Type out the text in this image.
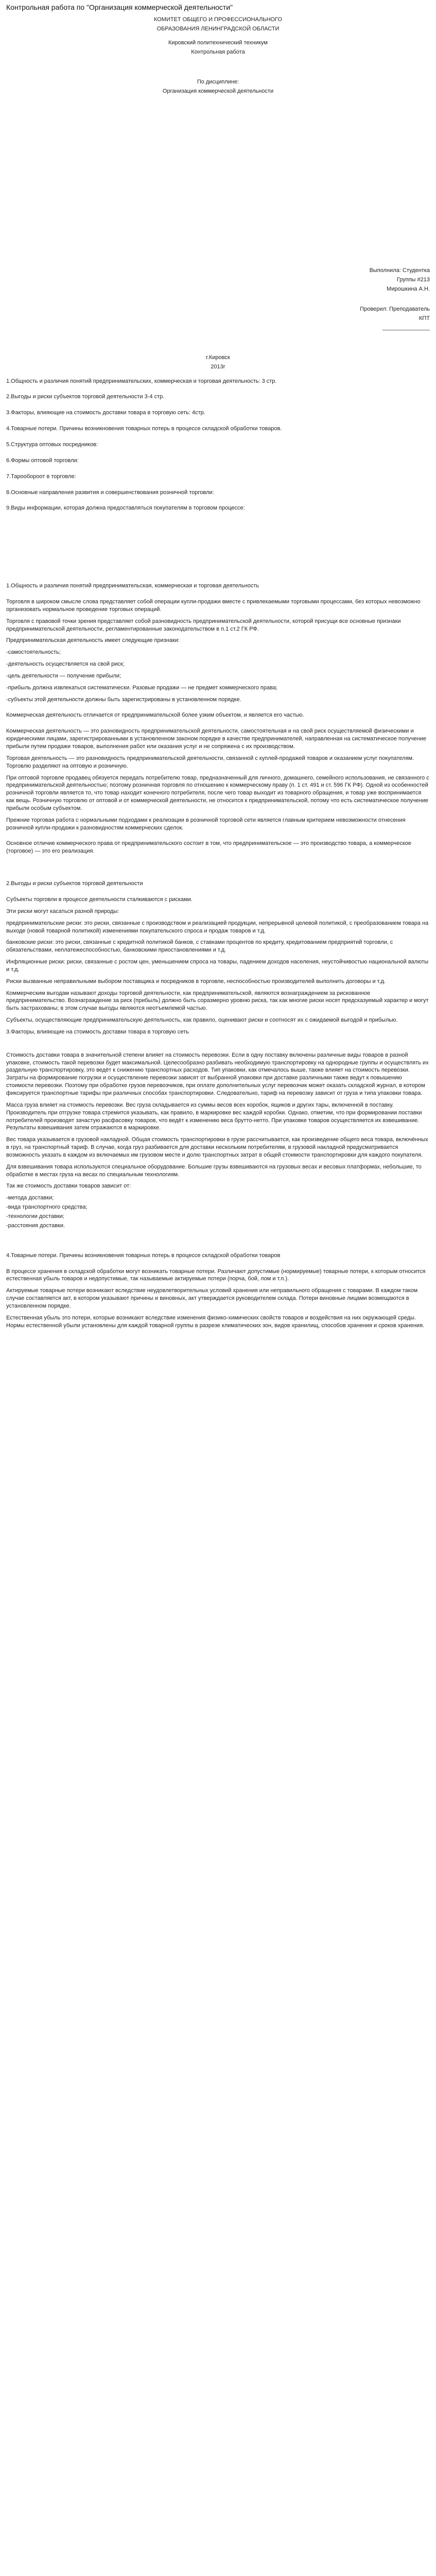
Контрольная работа по "Организация коммерческой деятельности"
КОМИТЕТ ОБЩЕГО И ПРОФЕССИОНАЛЬНОГО
ОБРАЗОВАНИЯ ЛЕНИНГРАДСКОЙ ОБЛАСТИ
Кировский политехнический техникум
Контрольная работа
По дисциплине:
Организация коммерческой деятельности
Выполнила: Студентка
Группы #213
Мирошкина А.Н.
Проверил: Преподаватель
КПТ
_______________
г.Кировск
2013г
1.Общность и различия понятий предпринимательских, коммерческая и торговая деятельность: 3 стр.
2.Выгоды и риски субъектов торговой деятельности 3-4 стр.
3.Факторы, влияющие на стоимость доставки товара в торговую сеть: 4стр.
4.Товарные потери. Причины возникновения товарных потерь в процессе складской обработки товаров.
5.Структура оптовых посредников:
6.Формы оптовой торговли:
7.Тарообороот в торговле:
8.Основные направления развития и совершенствования розничной торговли:
9.Виды информации, которая должна предоставляться покупателям в торговом процессе:
1.Общность и различия понятий предпринимательская, коммерческая и торговая деятельность
Торговля в широком смысле слова представляет собой операции купли-продажи вместе с привлекаемыми торговыми процессами, без которых невозможно организовать нормальное проведение торговых операций.
Торговля с правовой точки зрения представляет собой разновидность предпринимательской деятельности, которой присущи все основные признаки предпринимательской деятельности, регламентированные законодательством в п.1 ст.2 ГК РФ.
Предпринимательская деятельность имеет следующие признаки:
-самостоятельность;
-деятельность осуществляется на свой риск;
-цель деятельности — получение прибыли;
-прибыль должна извлекаться систематически. Разовые продажи — не предмет коммерческого права;
-субъекты этой деятельности должны быть зарегистрированы в установленном порядке.
Коммерческая деятельность отличается от предпринимательской более узким объектом, и является его частью.
Коммерческая деятельность — это разновидность предпринимательской деятельности, самостоятельная и на свой риск осуществляемой физическими и юридическими лицами, зарегистрированными в установленном законом порядке в качестве предпринимателей, направленная на систематическое получение прибыли путем продажи товаров, выполнения работ или оказания услуг и не сопряжена с их производством.
Торговая деятельность — это разновидность предпринимательской деятельности, связанной с куплей-продажей товаров и оказанием услуг покупателям. Торговлю разделяют на оптовую и розничную.
При оптовой торговле продавец обязуется передать потребителю товар, предназначенный для личного, домашнего, семейного использования, не связанного с предпринимательской деятельностью; поэтому розничная торговля по отношению к коммерческому праву (п. 1 ст. 491 и ст. 596 ГК РФ). Одной из особенностей розничной торговли является то, что товар находит конечного потребителя, после чего товар выходит из товарного обращения, и товар уже воспринимается как вещь. Розничную торговлю от оптовой и от коммерческой деятельности, не относится к предпринимательской, потому что есть систематическое получение прибыли особым субъектом.
Прежние торговая работа с нормальными подходами к реализации в розничной торговой сети является главным критерием невозможности отнесения розничной купли-продажи к разновидностям коммерческих сделок.
Основное отличие коммерческого права от предпринимательского состоит в том, что предпринимательское — это производство товара, а коммерческое (торговое) — это его реализация.
2.Выгоды и риски субъектов торговой деятельности
Субъекты торговли в процессе деятельности сталкиваются с рисками.
Эти риски могут касаться разной природы:
предпринимательские риски: это риски, связанные с производством и реализацией продукции, непрерывной целевой политикой, с преобразованием товара на выходе (новой товарной политикой) изменениями покупательского спроса и продаж товаров и т.д.
банковские риски: это риски, связанные с кредитной политикой банков, с ставками процентов по кредиту, кредитованием предприятий торговли, с обязательствами, неплатежеспособностью, банковскими приостановлениями и т.д.
Инфляционные риски: риски, связанные с ростом цен, уменьшением спроса на товары, падением доходов населения, неустойчивостью национальной валюты и т.д.
Риски вызванные неправильными выбором поставщика и посредников в торговле, неспособностью производителей выполнить договоры и т.д.
Коммерческим выгодам называют доходы торговой деятельности, как предпринимательской, являются вознаграждением за рискованное предпринимательство. Вознаграждение за риск (прибыль) должно быть соразмерно уровню риска, так как многие риски носят предсказуемый характер и могут быть застрахованы; в этом случае выгоды являются неотъемлемой частью.
Субъекты, осуществляющие предпринимательскую деятельность, как правило, оценивают риски и соотносят их с ожидаемой выгодой и прибылью.
3.Факторы, влияющие на стоимость доставки товара в торговую сеть
Стоимость доставки товара в значительной степени влияет на стоимость перевозки. Если в одну поставку включены различные виды товаров в разной упаковке, стоимость такой перевозки будет максимальной. Целесообразно разбивать необходимую транспортировку на однородные группы и осуществлять их раздельную транспортировку, это ведёт к снижению транспортных расходов. Тип упаковки, как отмечалось выше, также влияет на стоимость перевозки. Затраты на формирование погрузки и осуществление перевозки зависят от выбранной упаковки при доставке различными также ведут к повышению стоимости перевозки. Поэтому при обработке грузов перевозчиков, при оплате дополнительных услуг перевозчик может оказать складской журнал, в котором фиксируется транспортные тарифы при различных способах транспортировки. Следовательно, тариф на перевозку зависит от груза и типа упаковки товара.
Масса груза влияет на стоимость перевозки. Вес груза складывается из суммы весов всех коробок, ящиков и других тары, включенной в поставку. Производитель при отгрузке товара стремится указывать, как правило, в маркировке вес каждой коробки. Однако, отметим, что при формировании поставки потребителей производят зачастую расфасовку товаров, что ведёт к изменению веса брутто-нетто. При упаковке товаров осуществляется их взвешивание. Результаты взвешивания затем отражаются в маркировке.
Вес товара указывается в грузовой накладной. Общая стоимость транспортировки в грузе рассчитывается, как произведение общего веса товара, включённых в груз, на транспортный тариф. В случае, когда груз разбивается для доставки нескольким потребителям, в грузовой накладной предусматривается возможность указать в каждом из включаемых им грузовом месте и долю транспортных затрат в общей стоимости транспортировки для каждого покупателя.
Для взвешивания товара используются специальное оборудование. Большие грузы взвешиваются на грузовых весах и весовых платформах, небольшие, то обработке в местах груза на весах по специальным технологиям.
Так же стоимость доставки товаров зависит от:
-метода доставки;
-вида транспортного средства;
-технологии доставки;
-расстояния доставки.
4.Товарные потери. Причины возникновения товарных потерь в процессе складской обработки товаров
В процессе хранения в складской обработки могут возникать товарные потери. Различают допустимые (нормируемые) товарные потери, к которым относится естественная убыль товаров и недопустимые, так называемые актируемые потери (порча, бой, лом и т.п.).
Актируемые товарные потери возникают вследствие неудовлетворительных условий хранения или неправильного обращения с товарами. В каждом таком случае составляется акт, в котором указывают причины и виновных, акт утверждается руководителем склада. Потери виновные лицами возмещаются в установленном порядке.
Естественная убыль это потери, которые возникают вследствие изменения физико-химических свойств товаров и воздействия на них окружающей среды. Нормы естественной убыли установлены для каждой товарной группы в разрезе климатических зон, видов хранилищ, способов хранения и сроков хранения.
